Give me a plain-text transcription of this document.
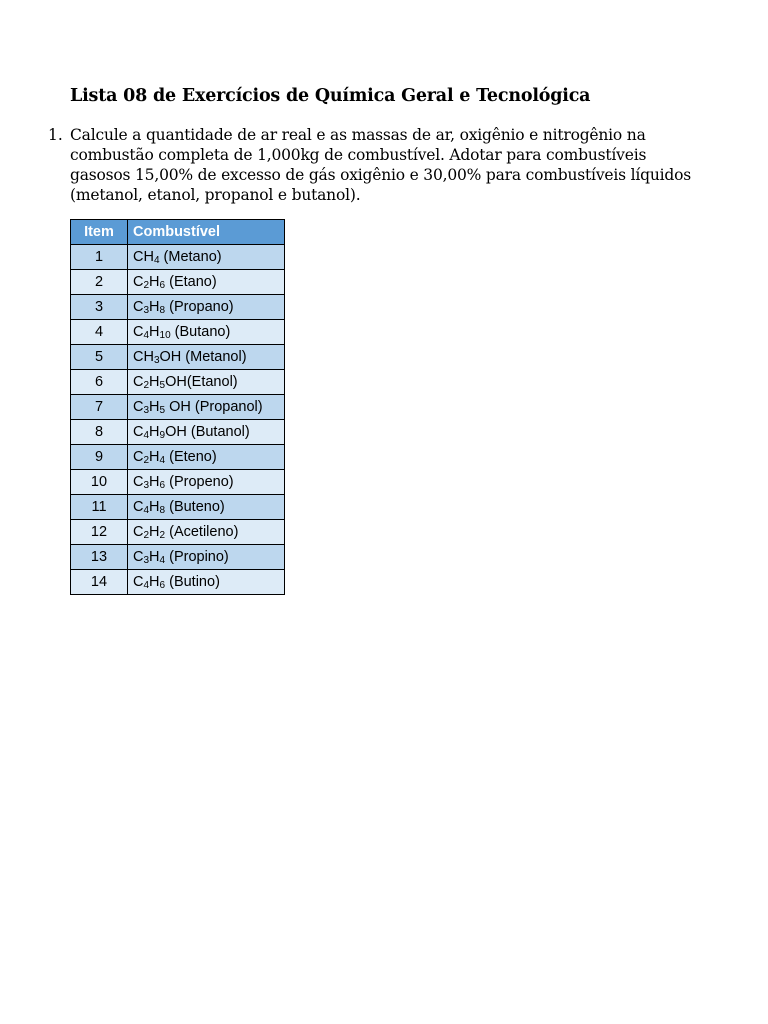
Lista 08 de Exercícios de Química Geral e Tecnológica
1. Calcule a quantidade de ar real e as massas de ar, oxigênio e nitrogênio na
combustão completa de 1,000kg de combustível. Adotar para combustíveis
gasosos 15,00% de excesso de gás oxigênio e 30,00% para combustíveis líquidos
(metanol, etanol, propanol e butanol).
Item	Combustível
1	$CH_4$ (Metano)
2	$C_2H_6$ (Etano)
3	$C_3H_8$ (Propano)
4	$C_4H_{10}$ (Butano)
5	$CH_3OH$ (Metanol)
6	$C_2H_5OH(Etanol)$
7	$C_3H_5$ OH (Propanol)
8	$C_4H_9OH$ (Butanol)
9	$C_2H_4$ (Eteno)
10	$C_3H_6$ (Propeno)
11	$C_4H_8$ (Buteno)
12	$C_2H_2$ (Acetileno)
13	$C_3H_4$ (Propino)
14	$C_4H_6$ (Butino)
